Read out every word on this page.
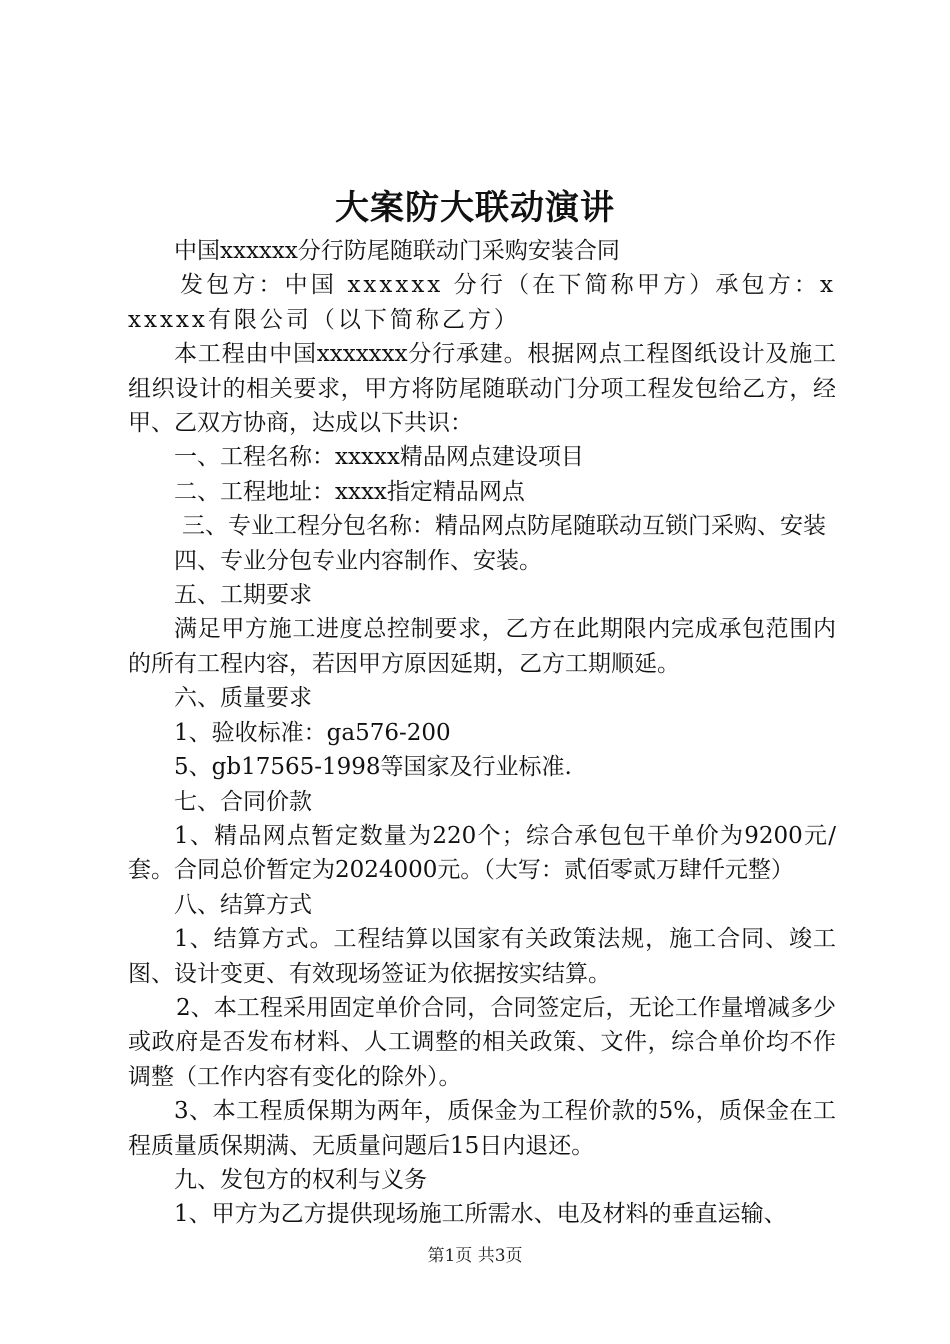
大案防大联动演讲

中国xxxxxx分行防尾随联动门采购安装合同

发包方：中国 xxxxxx 分行（在下简称甲方）承包方：xxxxxx有限公司（以下简称乙方）

本工程由中国xxxxxxx分行承建。根据网点工程图纸设计及施工组织设计的相关要求，甲方将防尾随联动门分项工程发包给乙方，经甲、乙双方协商，达成以下共识：

一、工程名称：xxxxx精品网点建设项目

二、工程地址：xxxx指定精品网点

三、专业工程分包名称：精品网点防尾随联动互锁门采购、安装

四、专业分包专业内容制作、安装。

五、工期要求

满足甲方施工进度总控制要求，乙方在此期限内完成承包范围内的所有工程内容，若因甲方原因延期，乙方工期顺延。

六、质量要求

1、验收标准：ga576-200

5、gb17565-1998等国家及行业标准.

七、合同价款

1、精品网点暂定数量为220个；综合承包包干单价为9200元/套。合同总价暂定为2024000元。（大写：贰佰零贰万肆仟元整）

八、结算方式

1、结算方式。工程结算以国家有关政策法规，施工合同、竣工图、设计变更、有效现场签证为依据按实结算。

2、本工程采用固定单价合同，合同签定后，无论工作量增减多少或政府是否发布材料、人工调整的相关政策、文件，综合单价均不作调整（工作内容有变化的除外）。

3、本工程质保期为两年，质保金为工程价款的5%，质保金在工程质量质保期满、无质量问题后15日内退还。

九、发包方的权利与义务

1、甲方为乙方提供现场施工所需水、电及材料的垂直运输、

第1页 共3页
